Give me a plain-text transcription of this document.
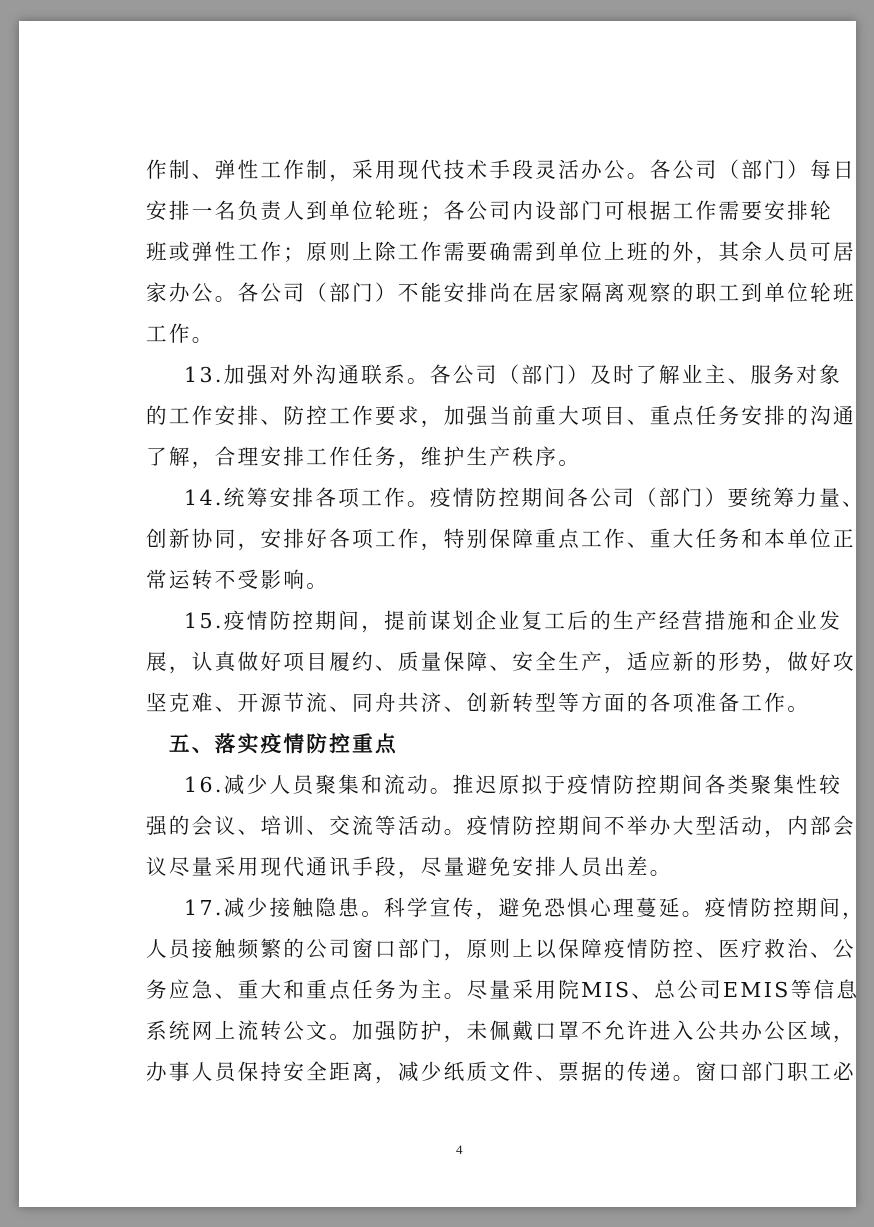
作制、弹性工作制，采用现代技术手段灵活办公。各公司（部门）每日
安排一名负责人到单位轮班；各公司内设部门可根据工作需要安排轮
班或弹性工作；原则上除工作需要确需到单位上班的外，其余人员可居
家办公。各公司（部门）不能安排尚在居家隔离观察的职工到单位轮班
工作。
13.加强对外沟通联系。各公司（部门）及时了解业主、服务对象
的工作安排、防控工作要求，加强当前重大项目、重点任务安排的沟通
了解，合理安排工作任务，维护生产秩序。
14.统筹安排各项工作。疫情防控期间各公司（部门）要统筹力量、
创新协同，安排好各项工作，特别保障重点工作、重大任务和本单位正
常运转不受影响。
15.疫情防控期间，提前谋划企业复工后的生产经营措施和企业发
展，认真做好项目履约、质量保障、安全生产，适应新的形势，做好攻
坚克难、开源节流、同舟共济、创新转型等方面的各项准备工作。
五、落实疫情防控重点
16.减少人员聚集和流动。推迟原拟于疫情防控期间各类聚集性较
强的会议、培训、交流等活动。疫情防控期间不举办大型活动，内部会
议尽量采用现代通讯手段，尽量避免安排人员出差。
17.减少接触隐患。科学宣传，避免恐惧心理蔓延。疫情防控期间，
人员接触频繁的公司窗口部门，原则上以保障疫情防控、医疗救治、公
务应急、重大和重点任务为主。尽量采用院MIS、总公司EMIS等信息
系统网上流转公文。加强防护，未佩戴口罩不允许进入公共办公区域，
办事人员保持安全距离，减少纸质文件、票据的传递。窗口部门职工必
4
